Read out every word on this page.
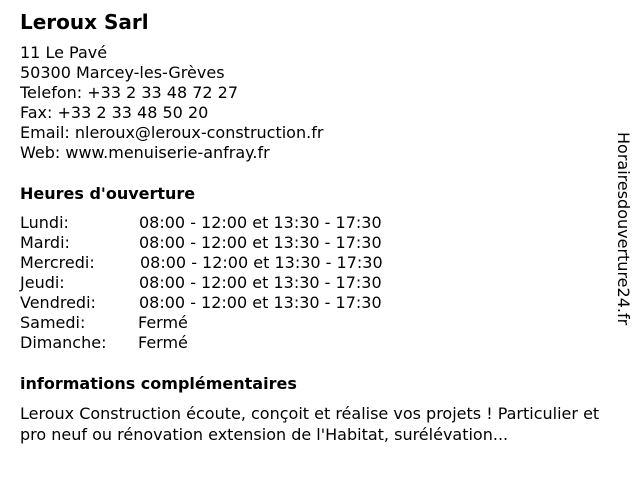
Leroux Sarl
11 Le Pavé
50300 Marcey-les-Grèves
Telefon: +33 2 33 48 72 27
Fax: +33 2 33 48 50 20
Email: nleroux@leroux-construction.fr
Web: www.menuiserie-anfray.fr
Heures d'ouverture
Lundi:	08:00 - 12:00 et 13:30 - 17:30
Mardi:	08:00 - 12:00 et 13:30 - 17:30
Mercredi:	08:00 - 12:00 et 13:30 - 17:30
Jeudi:	08:00 - 12:00 et 13:30 - 17:30
Vendredi:	08:00 - 12:00 et 13:30 - 17:30
Samedi:	Fermé
Dimanche: Fermé
informations complémentaires

Leroux Construction écoute, conçoit et réalise vos projets ! Particulier et pro neuf ou rénovation extension de l'Habitat, surélévation...

Horairesdouverture24.fr
